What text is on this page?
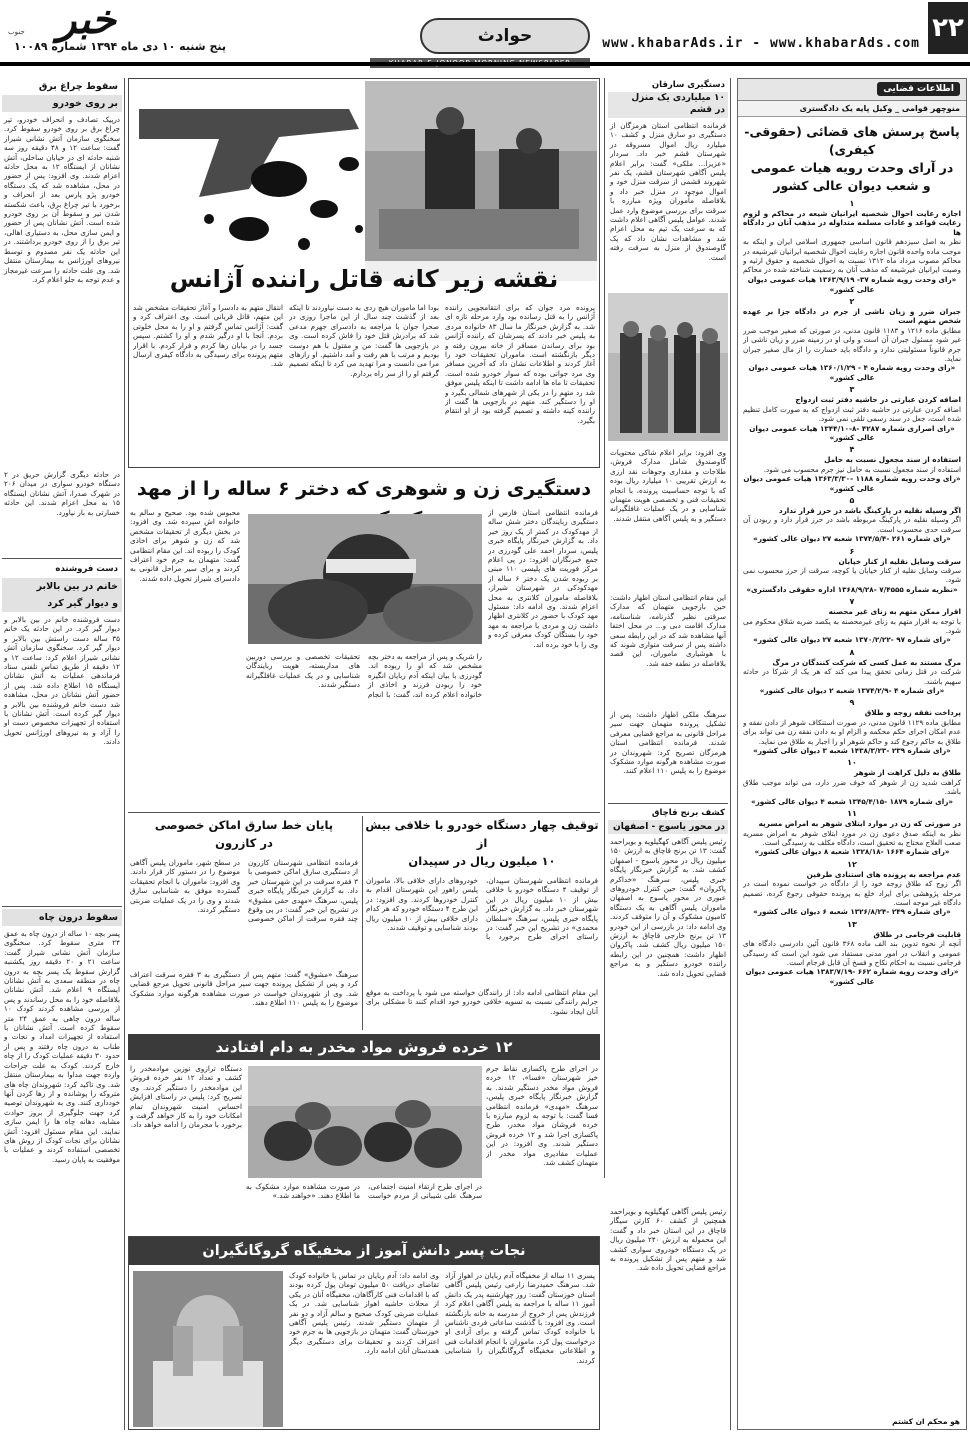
۲۲
www.khabarAds.ir - www.khabarAds.com
حوادث
خبر
جنوب
پنج شنبه ۱۰ دی ماه ۱۳۹۴ شماره ۱۰۰۸۹
اطلاعات قضایی
منوچهر قوامی _ وکیل پایه یک دادگستری
پاسخ پرسش های قضائی (حقوقی- کیفری)
در آرای وحدت رویه هیات عمومی
و شعب دیوان عالی کشور
۱
اجازه رعایت احوال شخصیه ایرانیان شیعه در محاکم و لزوم رعایت قواعد و عادات مسلمه متداوله در مذهب آنان در دادگاه ها
نظر به اصل سیزدهم قانون اساسی جمهوری اسلامی ایران و اینکه به موجب ماده واحده قانون اجازه رعایت احوال شخصیه ایرانیان غیرشیعه در محاکم مصوب مرداد ماه ۱۳۱۲ نسبت به احوال شخصیه و حقوق ارثیه و وصیت ایرانیان غیرشیعه که مذهب آنان به رسمیت شناخته شده در محاکم
«رای وحدت رویه شماره ۳۷- ۱۳۶۳/۹/۱۹ هیات عمومی دیوان عالی کشور»
۲
جبران ضرر و زیان ناشی از جرم در دادگاه جزا بر عهده شخص متهم است
مطابق ماده ۱۲۱۶ و ۱۱۸۳ قانون مدنی، در صورتی که صغیر موجب ضرر غیر شود مسئول جبران آن است و ولی او در زمینه ضرر و زیان ناشی از جرم قانوناً مسئولیتی ندارد و دادگاه باید خسارت را از مال صغیر جبران نماید.
«رای وحدت رویه شماره ۴ - ۱۳۶۰/۱/۲۹ هیات عمومی دیوان عالی کشور»
۳
اضافه کردن عبارتی در حاشیه دفتر ثبت ازدواج
اضافه کردن عبارتی در حاشیه دفتر ثبت ازدواج که به صورت کامل تنظیم شده است، جعل در سند رسمی تلقی نمی شود.
«رای اصراری شماره ۴۲۸۷ -۸-۱۳۴۴/۱۰ هیات عمومی دیوان عالی کشور»
۴
استفاده از سند مجعول نسبت به حامل
استفاده از سند مجعول نسبت به حامل نیز جرم محسوب می شود.
«رای وحدت رویه شماره ۱۱۸۸ -۱۳۶۳/۳/۳۰ هیات عمومی دیوان عالی کشور»
۵
اگر وسیله نقلیه در پارکینگ باشد در حرز قرار ندارد
اگر وسیله نقلیه در پارکینگ مربوطه باشد در حرز قرار دارد و ربودن آن سرقت حدی محسوب است.
«رای شماره ۲۶۱ -۱۳۷۴/۵/۴ شعبه ۲۷ دیوان عالی کشور»
۶
سرقت وسایل نقلیه از کنار خیابان
سرقت وسایل نقلیه از کنار خیابان یا کوچه، سرقت از حرز محسوب نمی شود.
«نظریه شماره ۷/۴۵۵۵ -۱۳۶۸/۹/۲۸ اداره حقوقی دادگستری»
۷
اقرار ممکن متهم به زنای غیر محصنه
با توجه به اقرار متهم به زنای غیرمحصنه به یکصد ضربه شلاق محکوم می شود.
«رای شماره ۹۷ -۱۳۷۰/۲/۲۲ شعبه ۲۷ دیوان عالی کشور»
۸
مرگ مستند به عمل کسی که شرکت کنندگان در مرگ
شرکت در قتل زمانی تحقق پیدا می کند که هر یک از شرکا در حادثه سهیم باشند.
«رای شماره ۴ -۱۳۷۴/۲/۹ شعبه ۲ دیوان عالی کشور»
۹
پرداخت نفقه زوجه و طلاق
مطابق ماده ۱۱۲۹ قانون مدنی، در صورت استنکاف شوهر از دادن نفقه و عدم امکان اجرای حکم محکمه و الزام او به دادن نفقه زن می تواند برای طلاق به حاکم رجوع کند و حاکم شوهر او را اجبار به طلاق می نماید.
«رای شماره ۲۳۹ -۱۴۳۸/۳/۲۳ شعبه ۳ دیوان عالی کشور»
۱۰
طلاق به دلیل کراهت از شوهر
کراهت شدید زن از شوهر که خوف ضرر دارد، می تواند موجب طلاق باشد.
«رای شماره ۱۸۷۹ -۱۳۴۵/۴/۱۵ شعبه ۴ دیوان عالی کشور»
۱۱
در صورتی که زن در موارد ابتلای شوهر به امراض مسریه
نظر به اینکه صدق دعوی زن در مورد ابتلای شوهر به امراض مسریه صعب العلاج محتاج به تحقیق است، دادگاه مکلف به رسیدگی است.
«رای شماره ۱۶۶۴ -۱۳۲۸/۱۸ شعبه ۸ دیوان عالی کشور»
۱۲
عدم مراجعه به پرونده های استنادی طرفین
اگر زوج که طلاق زوجه خود را از دادگاه در خواست نموده است در مرحله پژوهشی برای ایراد خلع به پرونده حقوقی رجوع کرده، تصمیم دادگاه غیر موجه است.
«رای شماره ۲۴۹ -۱۳۲۶/۸/۲۴ شعبه ۶ دیوان عالی کشور»
۱۳
قابلیت فرجامی در طلاق
آنچه از نحوه تدوین بند الف ماده ۳۶۸ قانون آئین دادرسی دادگاه های عمومی و انقلاب در امور مدنی مستفاد می شود این است که رسیدگی فرجامی نسبت به احکام نکاح و فسخ آن قابل فرجام است.
«رای وحدت رویه شماره ۶۶۲ -۱۳۸۳/۷/۱۹ هیات عمومی دیوان عالی کشور»
هو محکم ان کشتم
دستگیری سارقان
۱۰ میلیاردی یک منزل
در قشم
فرمانده انتظامی استان هرمزگان از دستگیری دو سارق منزل و کشف ۱۰ میلیارد ریال اموال مسروقه در شهرستان قشم خبر داد. سردار «عزیزا... ملکی» گفت: برابر اعلام پلیس آگاهی شهرستان قشم، یک نفر شهروند قشمی از سرقت منزل خود و اموال موجود در منزل خبر داد و بلافاصله مأموران ویژه مبارزه با سرقت برای بررسی موضوع وارد عمل شدند. عوامل پلیس آگاهی اعلام داشت که به سرعت یک تیم به محل اعزام شد و مشاهدات نشان داد که یک گاوصندوق از منزل به سرقت رفته است.
وی افزود: برابر اعلام شاکی محتویات گاوصندوق شامل مدارک فروش، طلاجات و مقداری وجوهات نقد ارزی به ارزش تقریبی ۱۰ میلیارد ریال بوده که با توجه حساسیت پرونده، با انجام تحقیقات فنی و تخصصی هویت متهمان شناسایی و در یک عملیات غافلگیرانه دستگیر و به پلیس آگاهی منتقل شدند.
این مقام انتظامی استان اظهار داشت: حین بازجویی متهمان که مدارک سرقتی نظیر گذرنامه، شناسنامه، مدارک اقامت دبی و... در محل اختفا آنها مشاهده شد که در این رابطه سعی داشته پس از سرقت متواری شوند که با هوشیاری ماموران، این قصد بلافاصله در نطفه خفه شد.
سرهنگ ملکی اظهار داشت: پس از تشکیل پرونده متهمان جهت سیر مراحل قانونی به مراجع قضایی معرفی شدند. فرمانده انتظامی استان هرمزگان تصریح کرد: شهروندان در صورت مشاهده هرگونه موارد مشکوک موضوع را به پلیس ۱۱۰ اعلام کنند.
کشف برنج قاچاق
در محور یاسوج - اصفهان
رئیس پلیس آگاهی کهگیلویه و بویراحمد گفت: ۱۳ تن برنج قاچاق به ارزش ۱۵۰ میلیون ریال در محور یاسوج - اصفهان کشف شد. به گزارش خبرنگار پایگاه خبری پلیس، سرهنگ «خداکرم پاکروان» گفت: حین کنترل خودروهای عبوری در محور یاسوج به اصفهان ماموران پلیس آگاهی به یک دستگاه کامیون مشکوک و آن را متوقف کردند. وی ادامه داد: در بازرسی از این خودرو ۱۳ تن برنج خارجی قاچاق به ارزش ۱۵۰ میلیون ریال کشف شد. پاکروان اظهار داشت: همچنین در این رابطه راننده خودرو دستگیر و به مراجع قضایی تحویل داده شد.
رئیس پلیس آگاهی کهگیلویه و بویراحمد همچنین از کشف ۶۰ کارتن سیگار قاچاق در این استان خبر داد و گفت: این محموله به ارزش ۲۴۰ میلیون ریال در یک دستگاه خودروی سواری کشف شد و متهم پس از تشکیل پرونده به مراجع قضایی تحویل داده شد.
نقشه زیر کانه قاتل راننده آژانس
پرونده مرد جوان که برای انتقامجویی راننده آژانس را به قتل رسانده بود وارد مرحله تازه ای شد. به گزارش خبرنگار ما سال ۸۳ خانواده مردی به پلیس خبر دادند که پسرشان که راننده آژانس بود برای رساندن مسافر از خانه بیرون رفته و دیگر بازنگشته است. ماموران تحقیقات خود را آغاز کردند و اطلاعات نشان داد که آخرین مسافر وی مرد جوانی بوده که سوار خودرو شده است. تحقیقات تا ماه ها ادامه داشت تا اینکه پلیس موفق شد رد متهم را در یکی از شهرهای شمالی بگیرد و او را دستگیر کند. متهم در بازجویی ها گفت از راننده کینه داشته و تصمیم گرفته بود از او انتقام بگیرد.
بودا اما ماموران هیچ ردی به دست نیاوردند تا اینکه بعد از گذشت چند سال از این ماجرا روزی در صحرا جوان با مراجعه به دادسرای جهرم مدعی شد که برادرش قتل خود را فاش کرده است. وی در بازجویی ها گفت: من و مقتول با هم دوست بودیم و مرتب با هم رفت و آمد داشتیم. او رازهای مرا می دانست و مرا تهدید می کرد تا اینکه تصمیم گرفتم او را از سر راه بردارم.
انتقال متهم به دادسرا و آغاز تحقیقات مشخص شد این متهم، قاتل قربانی است. وی اعتراف کرد و گفت: آژانس تماس گرفتم و او را به محل خلوتی بردم. آنجا با او درگیر شدم و او را کشتم. سپس جسد را در بیابان رها کردم و فرار کردم. با اقرار متهم پرونده برای رسیدگی به دادگاه کیفری ارسال شد.
دستگیری زن و شوهری که دختر ۶ ساله را از مهد
فرمانده انتظامی استان فارس از دستگیری ربایندگان دختر شش ساله از مهدکودک در کمتر از یک روز خبر داد. به گزارش خبرنگار پایگاه خبری پلیس، سردار احمد علی گودرزی در جمع خبرنگاران افزود: در پی اعلام مرکز فوریت های پلیسی ۱۱۰ مبنی بر ربوده شدن یک دختر ۶ ساله از مهدکودکی در شهرستان شیراز، بلافاصله ماموران کلانتری به محل اعزام شدند. وی ادامه داد: مسئول مهد کودک با حضور در کلانتری اظهار داشت زن و مردی با مراجعه به مهد خود را بستگان کودک معرفی کرده و وی را با خود برده اند.
را شریک و پس از مراجعه به دختر بچه مشخص شد که او را ربوده اند. گودرزی با بیان اینکه آدم ربایان انگیزه خود را ربودن فرزند و اخاذی از خانواده اعلام کرده اند، گفت: با انجام تحقیقات تخصصی و بررسی دوربین های مداربسته، هویت ربایندگان شناسایی و در یک عملیات غافلگیرانه دستگیر شدند.
محبوس شده بود. صحیح و سالم به خانواده اش سپرده شد. وی افزود: در بخش دیگری از تحقیقات مشخص شد که زن و شوهر برای اخاذی کودک را ربوده اند. این مقام انتظامی گفت: متهمان به جرم خود اعتراف کردند و برای سیر مراحل قانونی به دادسرای شیراز تحویل داده شدند.
توقیف چهار دستگاه خودرو با خلافی بیش از
۱۰ میلیون ریال در سپیدان
فرمانده انتظامی شهرستان سپیدان، از توقیف ۴ دستگاه خودرو با خلافی بیش از ۱۰ میلیون ریال در این شهرستان خبر داد. به گزارش خبرنگار پایگاه خبری پلیس، سرهنگ «سلطان محمدی» در تشریح این خبر گفت: در راستای اجرای طرح برخورد با خودروهای دارای خلافی بالا، ماموران پلیس راهور این شهرستان اقدام به کنترل خودروها کردند. وی افزود: در این طرح ۴ دستگاه خودرو که هر کدام دارای خلافی بیش از ۱۰ میلیون ریال بودند شناسایی و توقیف شدند.
این مقام انتظامی ادامه داد: از رانندگان خواسته می شود با پرداخت به موقع جرایم رانندگی نسبت به تسویه خلافی خودرو خود اقدام کنند تا مشکلی برای آنان ایجاد نشود.
پایان خط سارق اماکن خصوصی
در کازرون
فرمانده انتظامی شهرستان کازرون از دستگیری سارق اماکن خصوصی با ۳ فقره سرقت در این شهرستان خبر داد. به گزارش خبرنگار پایگاه خبری پلیس، سرهنگ «مهدی حقی مشوق» در تشریح این خبر گفت: در پی وقوع چند فقره سرقت از اماکن خصوصی در سطح شهر، ماموران پلیس آگاهی موضوع را در دستور کار قرار دادند. وی افزود: ماموران با انجام تحقیقات گسترده موفق به شناسایی سارق شدند و وی را در یک عملیات ضربتی دستگیر کردند.
سرهنگ «مشوق» گفت: متهم پس از دستگیری به ۳ فقره سرقت اعتراف کرد و پس از تشکیل پرونده جهت سیر مراحل قانونی تحویل مرجع قضایی شد. وی از شهروندان خواست در صورت مشاهده هرگونه موارد مشکوک موضوع را به پلیس ۱۱۰ اطلاع دهند.
۱۲ خرده فروش مواد مخدر به دام افتادند
در اجرای طرح پاکسازی نقاط جرم خیز شهرستان «فسا»، ۱۲ خرده فروش مواد مخدر دستگیر شدند. به گزارش خبرنگار پایگاه خبری پلیس، سرهنگ «مهدی» فرمانده انتظامی فسا گفت: با توجه به لزوم مبارزه با خرده فروشان مواد مخدر، طرح پاکسازی اجرا شد و ۱۲ خرده فروش دستگیر شدند. وی افزود: در این عملیات مقادیری مواد مخدر از متهمان کشف شد.
در اجرای طرح ارتقاء امنیت اجتماعی، سرهنگ علی شیبانی از مردم خواست در صورت مشاهده موارد مشکوک به ما اطلاع دهند. «خواهند شد.»
دستگاه ترازوی توزین موادمخدر را کشف و تعداد ۱۲ نفر خرده فروش این موادمخدر را دستگیر کردند. وی تصریح کرد: پلیس در راستای افزایش احساس امنیت شهروندان تمام امکانات خود را به کار خواهد گرفت و برخورد با مجرمان را ادامه خواهد داد.
نجات پسر دانش آموز از مخفیگاه گروگانگیران
پسری ۱۱ ساله از مخفیگاه آدم ربایان در اهواز آزاد شد. سرهنگ حمیدرضا زارعی رئیس پلیس آگاهی استان خوزستان گفت: روز چهارشنبه پدر یک دانش آموز ۱۱ ساله با مراجعه به پلیس آگاهی اعلام کرد فرزندش پس از خروج از مدرسه به خانه بازنگشته است. وی افزود: با گذشت ساعاتی فردی ناشناس با خانواده کودک تماس گرفته و برای آزادی او درخواست پول کرد. ماموران با انجام اقدامات فنی و اطلاعاتی مخفیگاه گروگانگیران را شناسایی کردند.
وی ادامه داد: آدم ربایان در تماس با خانواده کودک تقاضای دریافت ۵۰ میلیون تومان پول کرده بودند که با اقدامات فنی کارآگاهان، مخفیگاه آنان در یکی از محلات حاشیه اهواز شناسایی شد. در یک عملیات ضربتی کودک صحیح و سالم آزاد و دو نفر از متهمان دستگیر شدند. رئیس پلیس آگاهی خوزستان گفت: متهمان در بازجویی ها به جرم خود اعتراف کردند و تحقیقات برای دستگیری دیگر همدستان آنان ادامه دارد.
سقوط چراغ برق
بر روی خودرو
درپیک تصادف و انحراف خودرو، تیر چراغ برق بر روی خودرو سقوط کرد. سخنگوی سازمان آتش نشانی شیراز گفت: ساعت ۱۲ و ۴۸ دقیقه روز سه شنبه حادثه ای در خیابان ساحلی، آتش نشانان از ایستگاه ۱۲ به محل حادثه اعزام شدند. وی افزود: پس از حضور در محل، مشاهده شد که یک دستگاه خودرو پژو پارس بعد از انحراف و برخورد با تیر چراغ برق، باعث شکسته شدن تیر و سقوط آن بر روی خودرو شده است. آتش نشانان پس از حضور و ایمن سازی محل، به دستیاری اهالی، تیر برق را از روی خودرو برداشتند. در این حادثه یک نفر مصدوم و توسط نیروهای اورژانس به بیمارستان منتقل شد. وی علت حادثه را سرعت غیرمجاز و عدم توجه به جلو اعلام کرد.
در حادثه دیگری گزارش حریق در ۲ دستگاه خودرو سواری در میدان ۲۰۶ در شهرک صدرا، آتش نشانان ایستگاه ۱۵ به محل اعزام شدند. این حادثه خسارتی به بار نیاورد.
دست فروشنده
خانم در بین بالابر
و دیوار گیر کرد
دست فروشنده خانم در بین بالابر و دیوار گیر کرد. در این حادثه یک خانم ۳۵ ساله دست راستش بین بالابر و دیوار گیر کرد. سخنگوی سازمان آتش نشانی شیراز اعلام کرد: ساعت ۱۲ و ۱۲ دقیقه از طریق تماس تلفنی ستاد فرماندهی عملیات به آتش نشانان ایستگاه ۱۵ اطلاع داده شد. پس از حضور آتش نشانان در محل، مشاهده شد دست خانم فروشنده بین بالابر و دیوار گیر کرده است. آتش نشانان با استفاده از تجهیزات مخصوص دست او را آزاد و به نیروهای اورژانس تحویل دادند.
سقوط درون چاه
پسر بچه ۱۰ ساله از درون چاه به عمق ۲۴ متری سقوط کرد. سخنگوی سازمان آتش نشانی شیراز گفت: ساعت ۲۱ و ۲۰ دقیقه روز یکشنبه گزارش سقوط یک پسر بچه به درون چاه در منطقه سعدی به آتش نشانان ایستگاه ۹ اعلام شد. آتش نشانان بلافاصله خود را به محل رساندند و پس از بررسی مشاهده کردند کودک ۱۰ ساله درون چاهی به عمق ۲۴ متر سقوط کرده است. آتش نشانان با استفاده از تجهیزات امداد و نجات و طناب به درون چاه رفتند و پس از حدود ۳۰ دقیقه عملیات کودک را از چاه خارج کردند. کودک به علت جراحات وارده جهت مداوا به بیمارستان منتقل شد. وی تاکید کرد: شهروندان چاه های متروکه را پوشانده و از رها کردن آنها خودداری کنند. وی به شهروندان توصیه کرد جهت جلوگیری از بروز حوادث مشابه، دهانه چاه ها را ایمن سازی نمایند. این مقام مسئول افزود: آتش نشانان برای نجات کودک از روش های تخصصی استفاده کردند و عملیات با موفقیت به پایان رسید.
